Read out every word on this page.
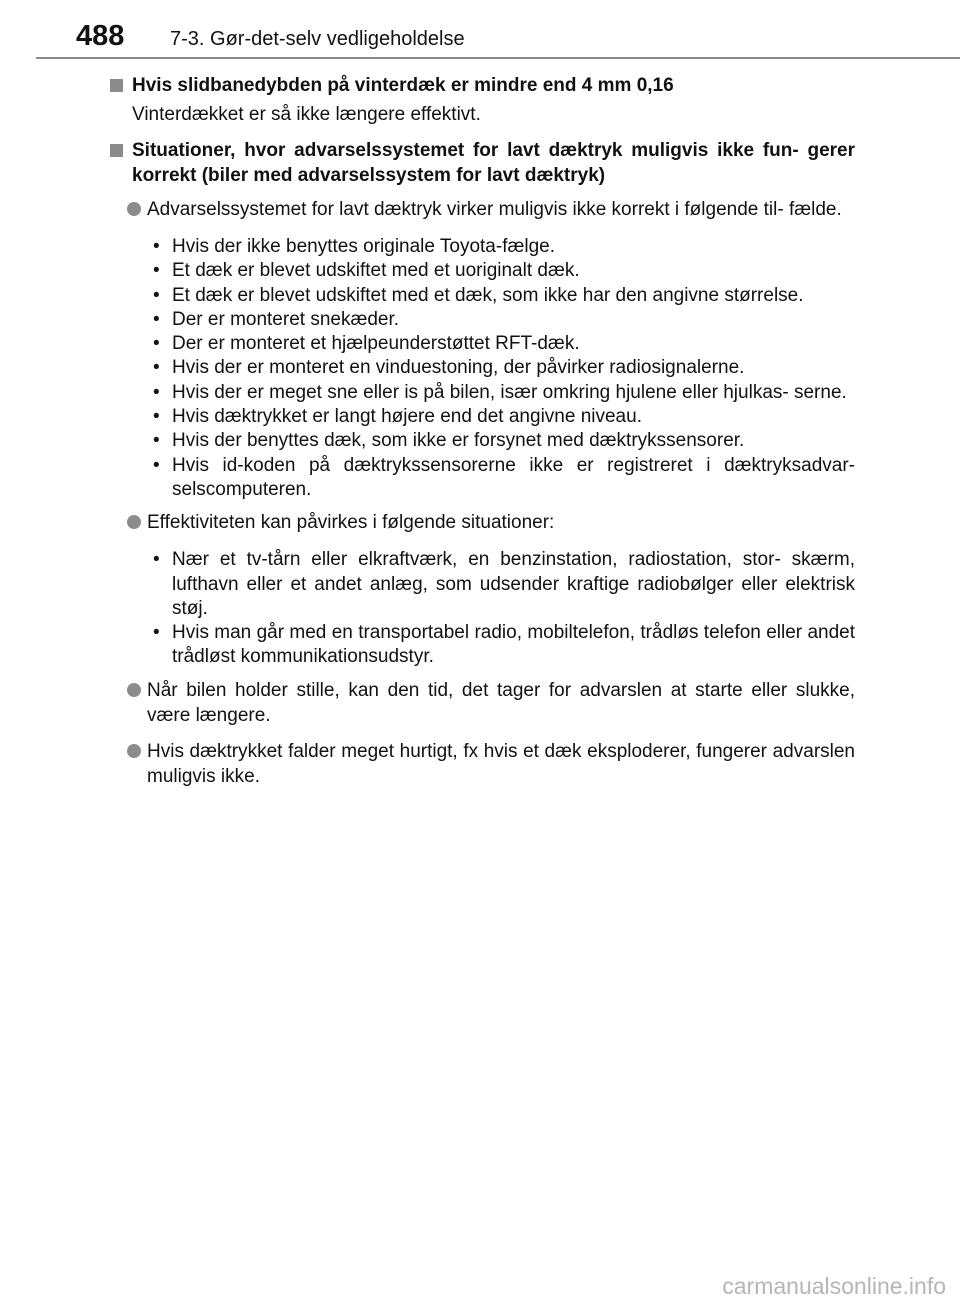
488 7-3. Gør-det-selv vedligeholdelse
Hvis slidbanedybden på vinterdæk er mindre end 4 mm 0,16
Vinterdækket er så ikke længere effektivt.
Situationer, hvor advarselssystemet for lavt dæktryk muligvis ikke fun- gerer korrekt (biler med advarselssystem for lavt dæktryk)
Advarselssystemet for lavt dæktryk virker muligvis ikke korrekt i følgende til- fælde.
• Hvis der ikke benyttes originale Toyota-fælge.
• Et dæk er blevet udskiftet med et uoriginalt dæk.
• Et dæk er blevet udskiftet med et dæk, som ikke har den angivne størrelse.
• Der er monteret snekæder.
• Der er monteret et hjælpeunderstøttet RFT-dæk.
• Hvis der er monteret en vinduestoning, der påvirker radiosignalerne.
• Hvis der er meget sne eller is på bilen, især omkring hjulene eller hjulkas- serne.
• Hvis dæktrykket er langt højere end det angivne niveau.
• Hvis der benyttes dæk, som ikke er forsynet med dæktrykssensorer.
• Hvis id-koden på dæktrykssensorerne ikke er registreret i dæktryksadvar- selscomputeren.
Effektiviteten kan påvirkes i følgende situationer:
• Nær et tv-tårn eller elkraftværk, en benzinstation, radiostation, stor- skærm, lufthavn eller et andet anlæg, som udsender kraftige radiobølger eller elektrisk støj.
• Hvis man går med en transportabel radio, mobiltelefon, trådløs telefon eller andet trådløst kommunikationsudstyr.
Når bilen holder stille, kan den tid, det tager for advarslen at starte eller slukke, være længere.
Hvis dæktrykket falder meget hurtigt, fx hvis et dæk eksploderer, fungerer advarslen muligvis ikke.
carmanualsonline.info
